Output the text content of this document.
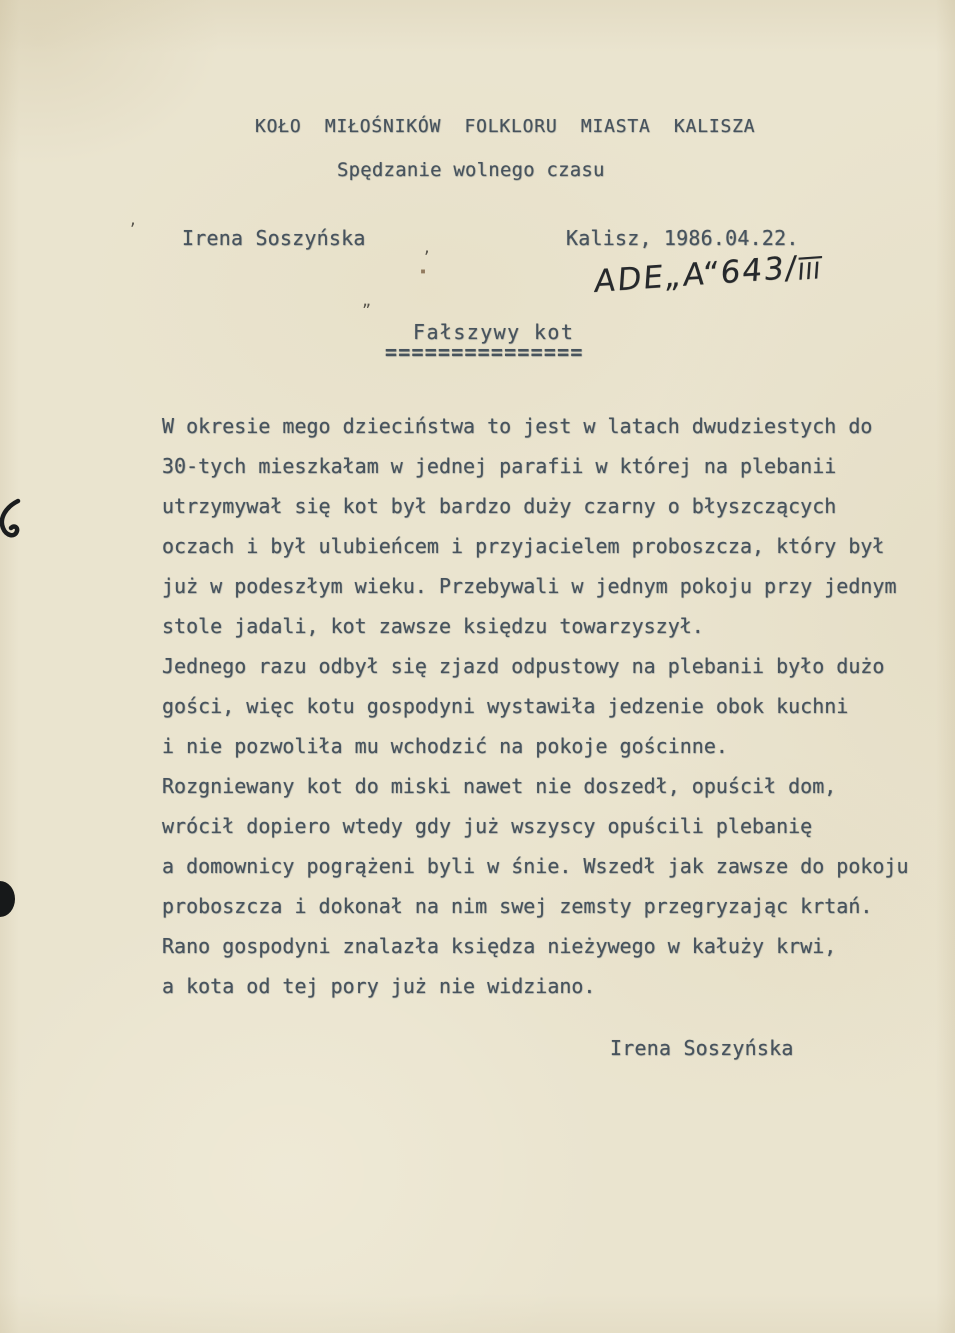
KOŁO  MIŁOŚNIKÓW  FOLKLORU  MIASTA  KALISZA
Spędzanie wolnego czasu
Irena Soszyńska	Kalisz, 1986.04.22.
$ADE„A“643/\overline{III}$
Fałszywy kot
===============
W okresie mego dzieciństwa to jest w latach dwudziestych do
30-tych mieszkałam w jednej parafii w której na plebanii
utrzymywał się kot był bardzo duży czarny o błyszczących
oczach i był ulubieńcem i przyjacielem proboszcza, który był
już w podeszłym wieku. Przebywali w jednym pokoju przy jednym
stole jadali, kot zawsze księdzu towarzyszył.
Jednego razu odbył się zjazd odpustowy na plebanii było dużo
gości, więc kotu gospodyni wystawiła jedzenie obok kuchni
i nie pozwoliła mu wchodzić na pokoje gościnne.
Rozgniewany kot do miski nawet nie doszedł, opuścił dom,
wrócił dopiero wtedy gdy już wszyscy opuścili plebanię
a domownicy pogrążeni byli w śnie. Wszedł jak zawsze do pokoju
proboszcza i dokonał na nim swej zemsty przegryzając krtań.
Rano gospodyni znalazła księdza nieżywego w kałuży krwi,
a kota od tej pory już nie widziano.
Irena Soszyńska
’
„
’
▪
